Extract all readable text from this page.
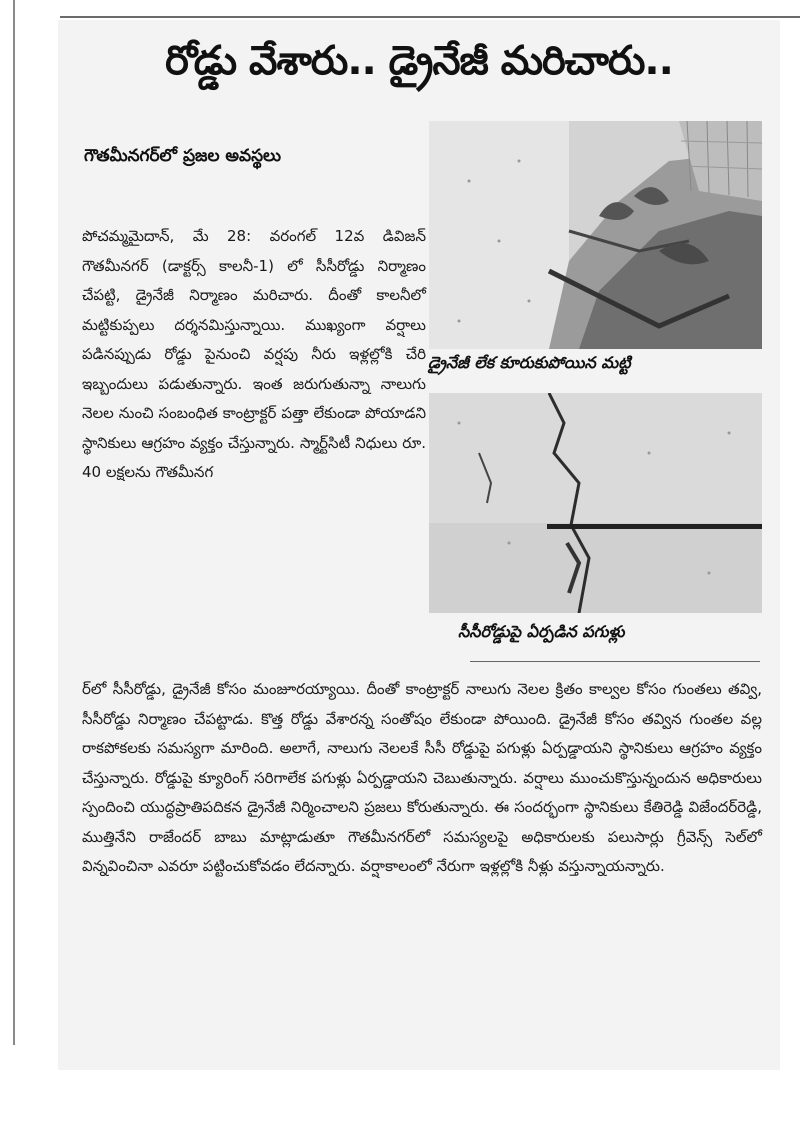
రోడ్డు వేశారు.. డ్రైనేజీ మరిచారు..
గౌతమీనగర్‌లో ప్రజల అవస్థలు
పోచమ్మమైదాన్, మే 28: వరంగల్ 12వ డివిజన్ గౌతమీనగర్ (డాక్టర్స్ కాలనీ-1) లో సీసీరోడ్డు నిర్మాణం చేపట్టి, డ్రైనేజీ నిర్మాణం మరిచారు. దీంతో కాలనీలో మట్టికుప్పలు దర్శనమిస్తున్నాయి. ముఖ్యంగా వర్షాలు పడినప్పుడు రోడ్డు పైనుంచి వర్షపు నీరు ఇళ్లల్లోకి చేరి ఇబ్బందులు పడుతున్నారు. ఇంత జరుగుతున్నా నాలుగు నెలల నుంచి సంబంధిత కాంట్రాక్టర్ పత్తా లేకుండా పోయాడని స్థానికులు ఆగ్రహం వ్యక్తం చేస్తున్నారు. స్మార్ట్‌సిటీ నిధులు రూ. 40 లక్షలను గౌతమీనగ
డ్రైనేజీ లేక కూరుకుపోయిన మట్టి
సీసీరోడ్డుపై ఏర్పడిన పగుళ్లు
ర్‌లో సీసీరోడ్డు, డ్రైనేజీ కోసం మంజూరయ్యాయి. దీంతో కాంట్రాక్టర్ నాలుగు నెలల క్రితం కాల్వల కోసం గుంతలు తవ్వి, సీసీరోడ్డు నిర్మాణం చేపట్టాడు. కొత్త రోడ్డు వేశారన్న సంతోషం లేకుండా పోయింది. డ్రైనేజీ కోసం తవ్విన గుంతల వల్ల రాకపోకలకు సమస్యగా మారింది. అలాగే, నాలుగు నెలలకే సీసీ రోడ్డుపై పగుళ్లు ఏర్పడ్డాయని స్థానికులు ఆగ్రహం వ్యక్తం చేస్తున్నారు. రోడ్డుపై క్యూరింగ్ సరిగాలేక పగుళ్లు ఏర్పడ్డాయని చెబుతున్నారు. వర్షాలు ముంచుకొస్తున్నందున అధికారులు స్పందించి యుద్ధప్రాతిపదికన డ్రైనేజీ నిర్మించాలని ప్రజలు కోరుతున్నారు. ఈ సందర్భంగా స్థానికులు కేతిరెడ్డి విజేందర్‌రెడ్డి, ముత్తినేని రాజేందర్ బాబు మాట్లాడుతూ గౌతమీనగర్‌లో సమస్యలపై అధికారులకు పలుసార్లు గ్రీవెన్స్ సెల్‌లో విన్నవించినా ఎవరూ పట్టించుకోవడం లేదన్నారు. వర్షాకాలంలో నేరుగా ఇళ్లల్లోకి నీళ్లు వస్తున్నాయన్నారు.
